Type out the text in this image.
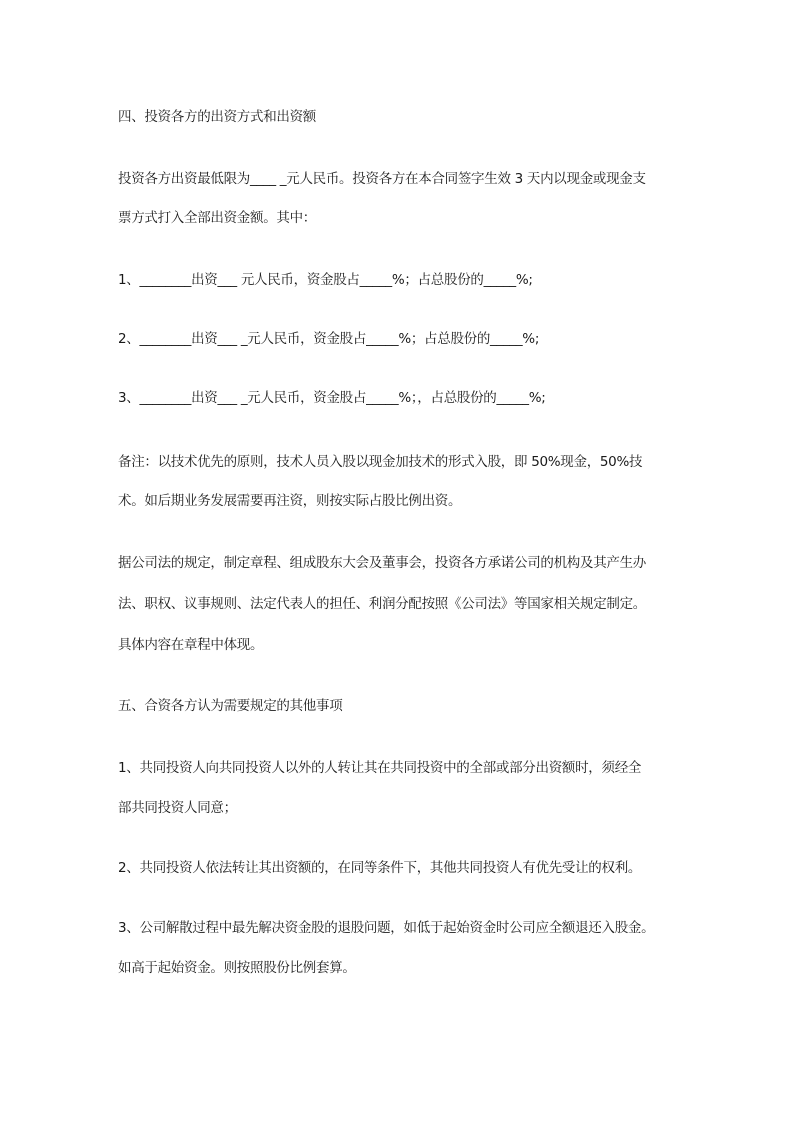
四、投资各方的出资方式和出资额
投资各方出资最低限为____ _元人民币。投资各方在本合同签字生效 3 天内以现金或现金支
票方式打入全部出资金额。其中：
1、________出资___ 元人民币，资金股占_____%；占总股份的_____%;
2、________出资___ _元人民币，资金股占_____%；占总股份的_____%;
3、________出资___ _元人民币，资金股占_____%；，占总股份的_____%;
备注：以技术优先的原则，技术人员入股以现金加技术的形式入股，即 50%现金，50%技
术。如后期业务发展需要再注资，则按实际占股比例出资。
据公司法的规定，制定章程、组成股东大会及董事会，投资各方承诺公司的机构及其产生办
法、职权、议事规则、法定代表人的担任、利润分配按照《公司法》等国家相关规定制定。
具体内容在章程中体现。
五、合资各方认为需要规定的其他事项
1、共同投资人向共同投资人以外的人转让其在共同投资中的全部或部分出资额时，须经全
部共同投资人同意；
2、共同投资人依法转让其出资额的，在同等条件下，其他共同投资人有优先受让的权利。
3、公司解散过程中最先解决资金股的退股问题，如低于起始资金时公司应全额退还入股金。
如高于起始资金。则按照股份比例套算。
